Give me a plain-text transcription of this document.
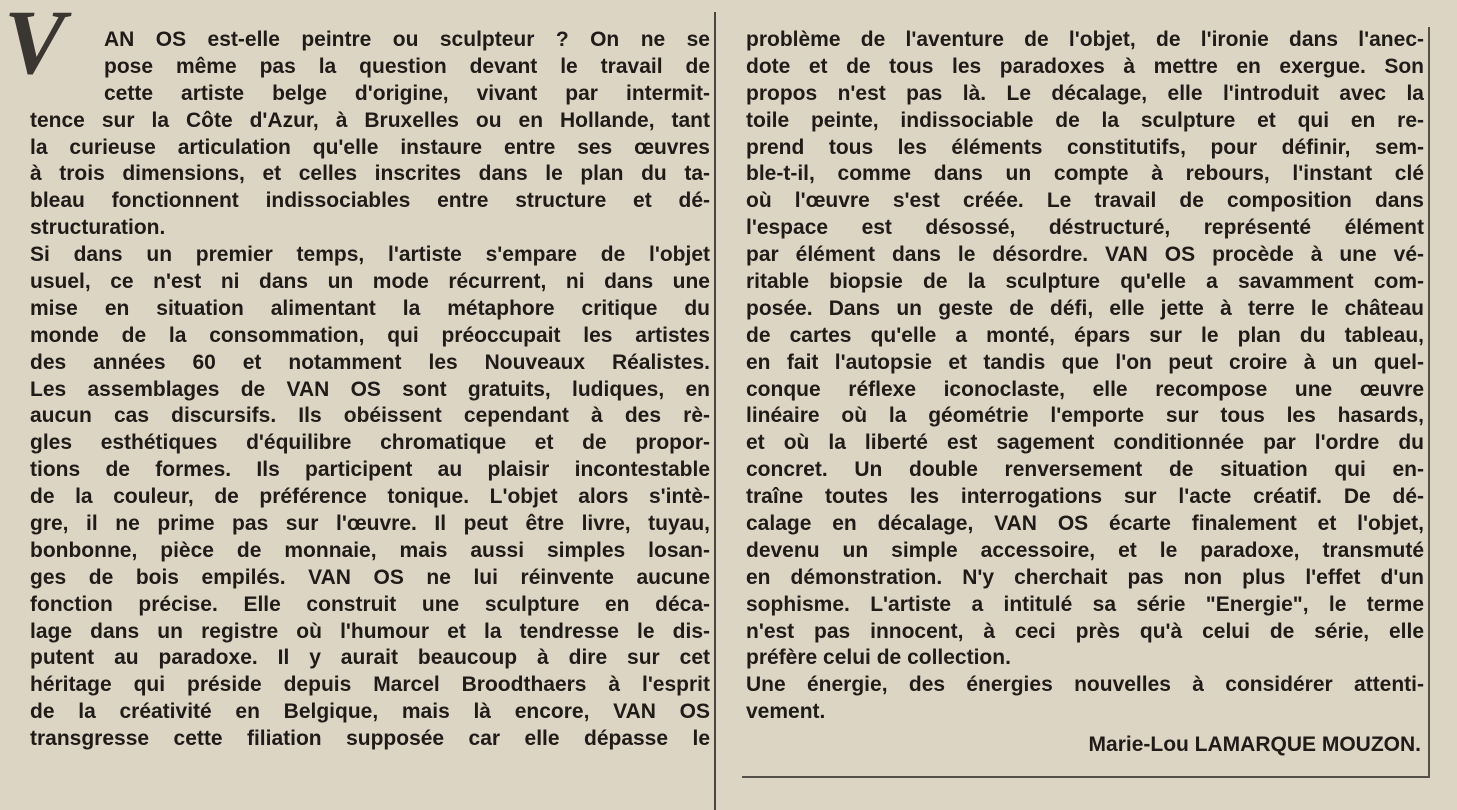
V	AN OS est-elle peintre ou sculpteur ? On ne se
pose même pas la question devant le travail de
cette artiste belge d'origine, vivant par intermit-
tence sur la Côte d'Azur, à Bruxelles ou en Hollande, tant
la curieuse articulation qu'elle instaure entre ses œuvres
à trois dimensions, et celles inscrites dans le plan du ta-
bleau fonctionnent indissociables entre structure et dé-
structuration.
Si dans un premier temps, l'artiste s'empare de l'objet
usuel, ce n'est ni dans un mode récurrent, ni dans une
mise en situation alimentant la métaphore critique du
monde de la consommation, qui préoccupait les artistes
des années 60 et notamment les Nouveaux Réalistes.
Les assemblages de VAN OS sont gratuits, ludiques, en
aucun cas discursifs. Ils obéissent cependant à des rè-
gles esthétiques d'équilibre chromatique et de propor-
tions de formes. Ils participent au plaisir incontestable
de la couleur, de préférence tonique. L'objet alors s'intè-
gre, il ne prime pas sur l'œuvre. Il peut être livre, tuyau,
bonbonne, pièce de monnaie, mais aussi simples losan-
ges de bois empilés. VAN OS ne lui réinvente aucune
fonction précise. Elle construit une sculpture en déca-
lage dans un registre où l'humour et la tendresse le dis-
putent au paradoxe. Il y aurait beaucoup à dire sur cet
héritage qui préside depuis Marcel Broodthaers à l'esprit
de la créativité en Belgique, mais là encore, VAN OS
transgresse cette filiation supposée car elle dépasse le
problème de l'aventure de l'objet, de l'ironie dans l'anec-
dote et de tous les paradoxes à mettre en exergue. Son
propos n'est pas là. Le décalage, elle l'introduit avec la
toile peinte, indissociable de la sculpture et qui en re-
prend tous les éléments constitutifs, pour définir, sem-
ble-t-il, comme dans un compte à rebours, l'instant clé
où l'œuvre s'est créée. Le travail de composition dans
l'espace est désossé, déstructuré, représenté élément
par élément dans le désordre. VAN OS procède à une vé-
ritable biopsie de la sculpture qu'elle a savamment com-
posée. Dans un geste de défi, elle jette à terre le château
de cartes qu'elle a monté, épars sur le plan du tableau,
en fait l'autopsie et tandis que l'on peut croire à un quel-
conque réflexe iconoclaste, elle recompose une œuvre
linéaire où la géométrie l'emporte sur tous les hasards,
et où la liberté est sagement conditionnée par l'ordre du
concret. Un double renversement de situation qui en-
traîne toutes les interrogations sur l'acte créatif. De dé-
calage en décalage, VAN OS écarte finalement et l'objet,
devenu un simple accessoire, et le paradoxe, transmuté
en démonstration. N'y cherchait pas non plus l'effet d'un
sophisme. L'artiste a intitulé sa série "Energie", le terme
n'est pas innocent, à ceci près qu'à celui de série, elle
préfère celui de collection.
Une énergie, des énergies nouvelles à considérer attenti-
vement.
Marie-Lou LAMARQUE MOUZON.
